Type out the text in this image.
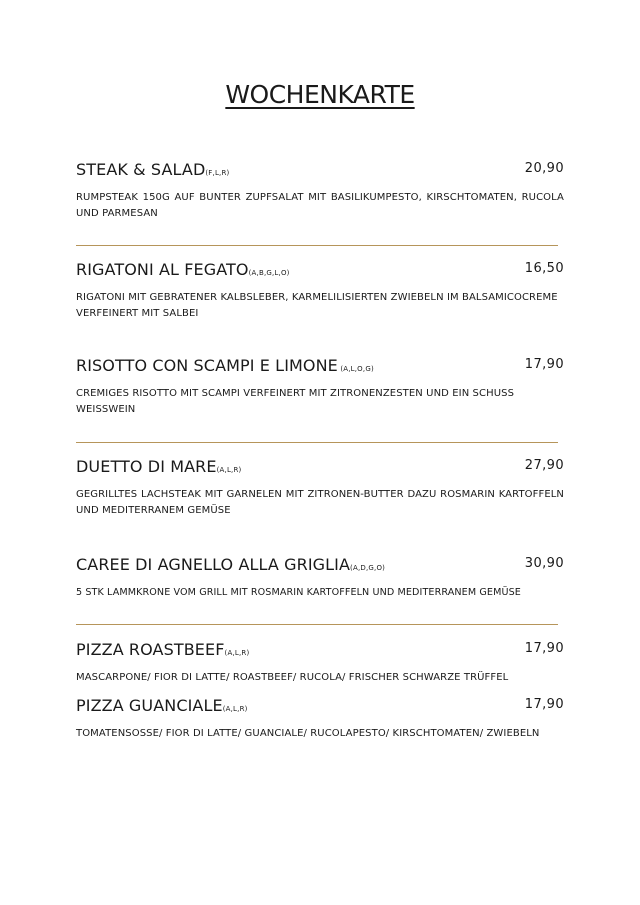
WOCHENKARTE
STEAK & SALAD(F,L,R)	20,90
RUMPSTEAK 150G AUF BUNTER ZUPFSALAT MIT BASILIKUMPESTO, KIRSCHTOMATEN, RUCOLA UND PARMESAN
RIGATONI AL FEGATO(A,B,G,L,O)	16,50
RIGATONI MIT GEBRATENER KALBSLEBER, KARMELILISIERTEN ZWIEBELN IM BALSAMICOCREME VERFEINERT MIT SALBEI
RISOTTO CON SCAMPI E LIMONE (A,L,O,G)	17,90
CREMIGES RISOTTO MIT SCAMPI VERFEINERT MIT ZITRONENZESTEN UND EIN SCHUSS WEISSWEIN
DUETTO DI MARE(A,L,R)	27,90
GEGRILLTES LACHSTEAK MIT GARNELEN MIT ZITRONEN-BUTTER DAZU ROSMARIN KARTOFFELN UND MEDITERRANEM GEMÜSE
CAREE DI AGNELLO ALLA GRIGLIA(A,D,G,O)	30,90
5 STK LAMMKRONE VOM GRILL MIT ROSMARIN KARTOFFELN UND MEDITERRANEM GEMÜSE
PIZZA ROASTBEEF(A,L,R)	17,90
MASCARPONE/ FIOR DI LATTE/ ROASTBEEF/ RUCOLA/ FRISCHER SCHWARZE TRÜFFEL
PIZZA GUANCIALE(A,L,R)	17,90
TOMATENSOSSE/ FIOR DI LATTE/ GUANCIALE/ RUCOLAPESTO/ KIRSCHTOMATEN/ ZWIEBELN
